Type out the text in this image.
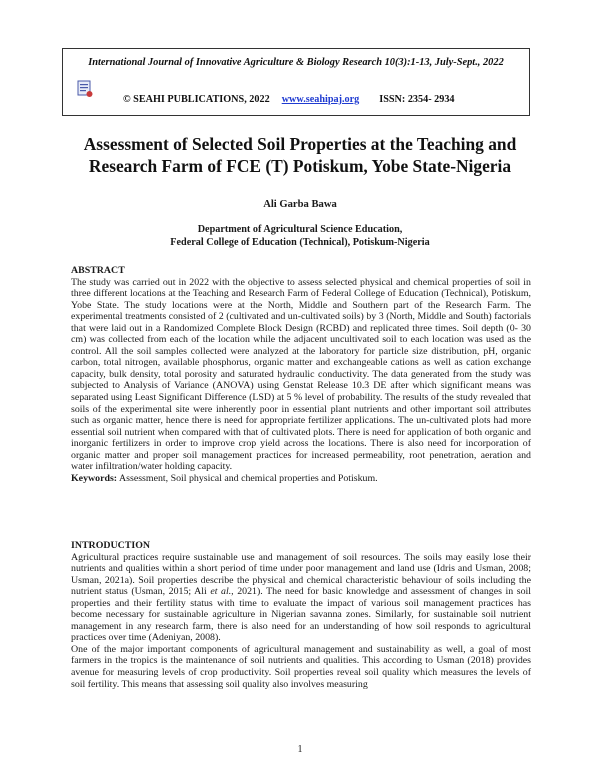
International Journal of Innovative Agriculture & Biology Research 10(3):1-13, July-Sept., 2022
© SEAHI PUBLICATIONS, 2022 www.seahipaj.org ISSN: 2354- 2934
Assessment of Selected Soil Properties at the Teaching and
Research Farm of FCE (T) Potiskum, Yobe State-Nigeria
Ali Garba Bawa
Department of Agricultural Science Education,
Federal College of Education (Technical), Potiskum-Nigeria
ABSTRACT
The study was carried out in 2022 with the objective to assess selected physical and chemical properties of soil in three different locations at the Teaching and Research Farm of Federal College of Education (Technical), Potiskum, Yobe State. The study locations were at the North, Middle and Southern part of the Research Farm. The experimental treatments consisted of 2 (cultivated and un-cultivated soils) by 3 (North, Middle and South) factorials that were laid out in a Randomized Complete Block Design (RCBD) and replicated three times. Soil depth (0- 30 cm) was collected from each of the location while the adjacent uncultivated soil to each location was used as the control. All the soil samples collected were analyzed at the laboratory for particle size distribution, pH, organic carbon, total nitrogen, available phosphorus, organic matter and exchangeable cations as well as cation exchange capacity, bulk density, total porosity and saturated hydraulic conductivity. The data generated from the study was subjected to Analysis of Variance (ANOVA) using Genstat Release 10.3 DE after which significant means was separated using Least Significant Difference (LSD) at 5 % level of probability. The results of the study revealed that soils of the experimental site were inherently poor in essential plant nutrients and other important soil attributes such as organic matter, hence there is need for appropriate fertilizer applications. The un-cultivated plots had more essential soil nutrient when compared with that of cultivated plots. There is need for application of both organic and inorganic fertilizers in order to improve crop yield across the locations. There is also need for incorporation of organic matter and proper soil management practices for increased permeability, root penetration, aeration and water infiltration/water holding capacity.
Keywords: Assessment, Soil physical and chemical properties and Potiskum.
INTRODUCTION
Agricultural practices require sustainable use and management of soil resources. The soils may easily lose their nutrients and qualities within a short period of time under poor management and land use (Idris and Usman, 2008; Usman, 2021a). Soil properties describe the physical and chemical characteristic behaviour of soils including the nutrient status (Usman, 2015; Ali et al., 2021). The need for basic knowledge and assessment of changes in soil properties and their fertility status with time to evaluate the impact of various soil management practices has become necessary for sustainable agriculture in Nigerian savanna zones. Similarly, for sustainable soil nutrient management in any research farm, there is also need for an understanding of how soil responds to agricultural practices over time (Adeniyan, 2008).
One of the major important components of agricultural management and sustainability as well, a goal of most farmers in the tropics is the maintenance of soil nutrients and qualities. This according to Usman (2018) provides avenue for measuring levels of crop productivity. Soil properties reveal soil quality which measures the levels of soil fertility. This means that assessing soil quality also involves measuring
1
